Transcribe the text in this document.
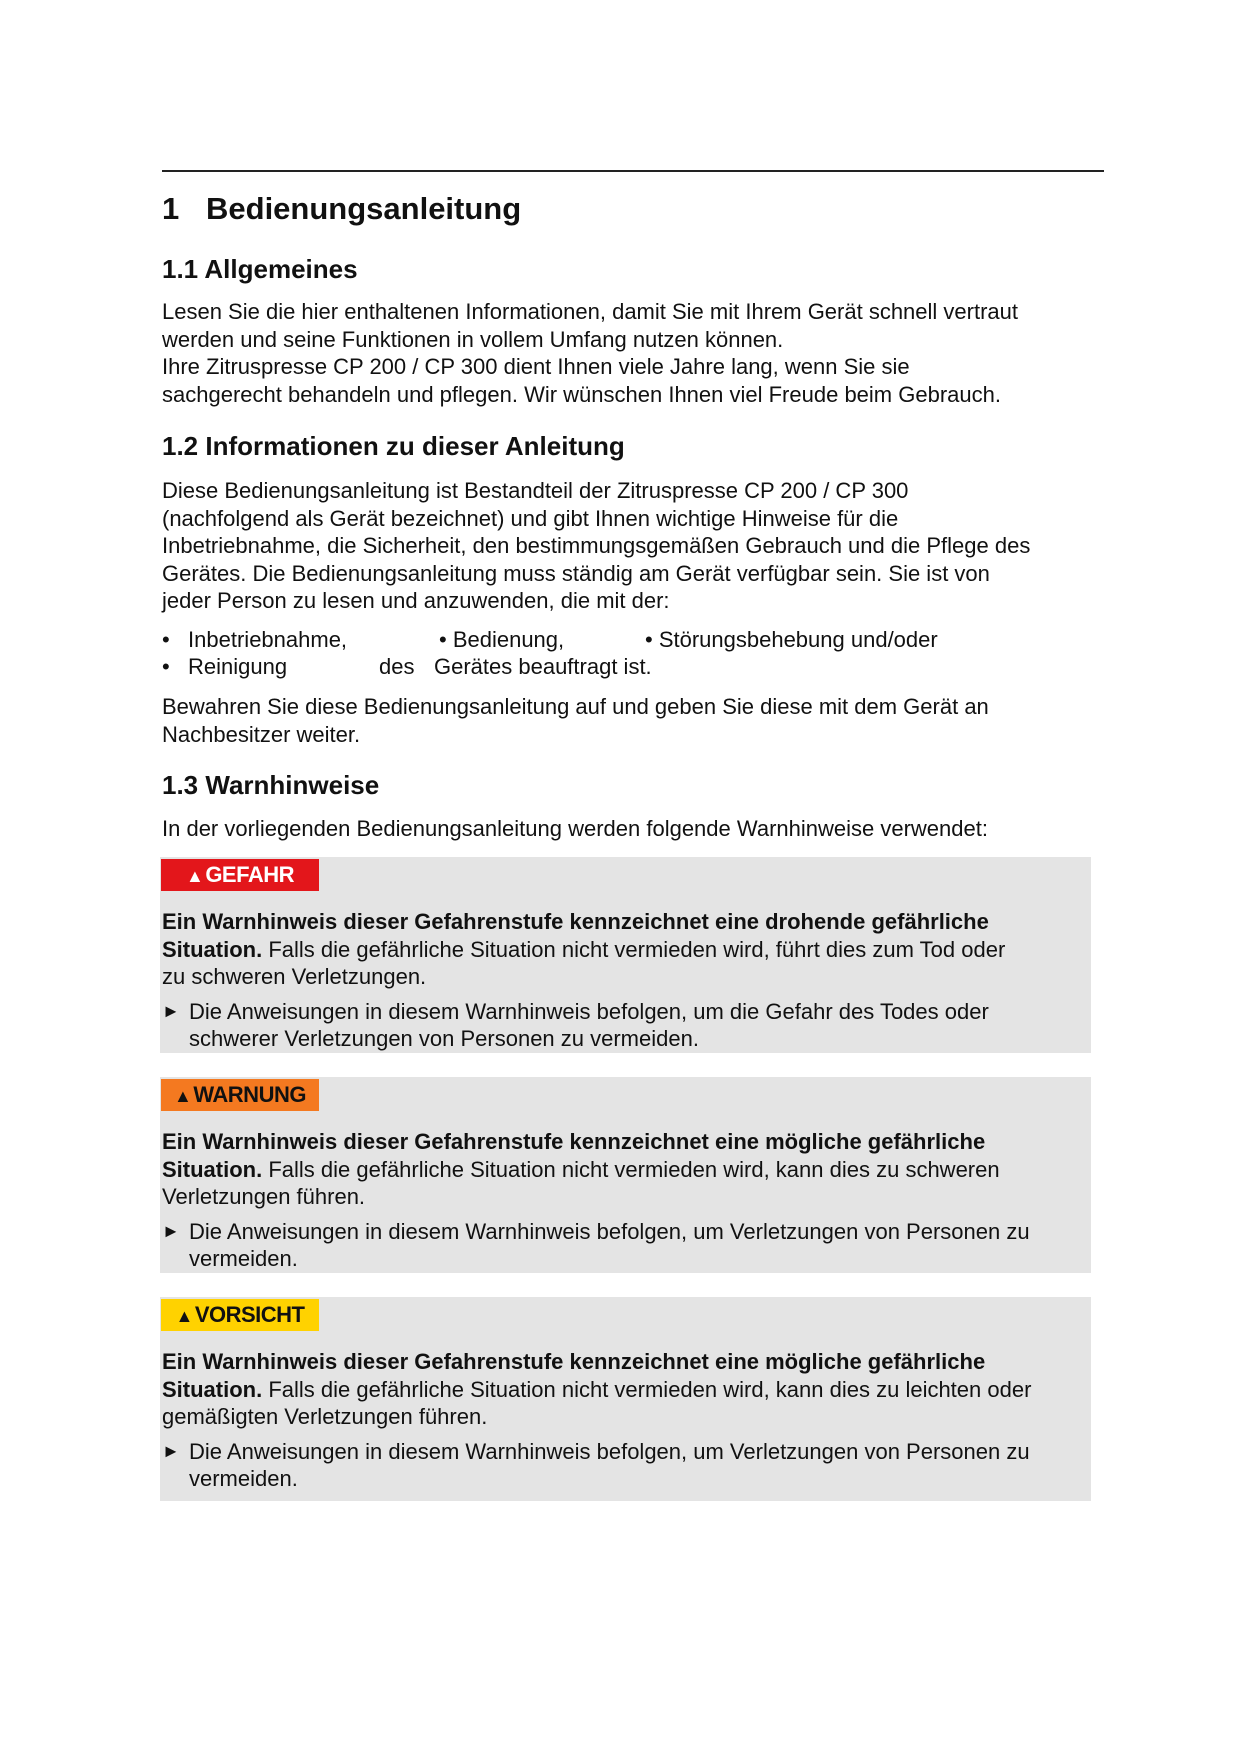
1 Bedienungsanleitung
1.1 Allgemeines

Lesen Sie die hier enthaltenen Informationen, damit Sie mit Ihrem Gerät schnell vertraut

werden und seine Funktionen in vollem Umfang nutzen können.

Ihre Zitruspresse CP 200 / CP 300 dient Ihnen viele Jahre lang, wenn Sie sie

sachgerecht behandeln und pflegen. Wir wünschen Ihnen viel Freude beim Gebrauch.

1.2 Informationen zu dieser Anleitung

Diese Bedienungsanleitung ist Bestandteil der Zitruspresse CP 200 / CP 300

(nachfolgend als Gerät bezeichnet) und gibt Ihnen wichtige Hinweise für die

Inbetriebnahme, die Sicherheit, den bestimmungsgemäßen Gebrauch und die Pflege des

Gerätes. Die Bedienungsanleitung muss ständig am Gerät verfügbar sein. Sie ist von

jeder Person zu lesen und anzuwenden, die mit der:

•   Inbetriebnahme,	• Bedienung,	• Störungsbehebung und/oder
•   Reinigung	des Gerätes beauftragt ist.

Bewahren Sie diese Bedienungsanleitung auf und geben Sie diese mit dem Gerät an

Nachbesitzer weiter.

1.3 Warnhinweise

In der vorliegenden Bedienungsanleitung werden folgende Warnhinweise verwendet:

▲GEFAHR

Ein Warnhinweis dieser Gefahrenstufe kennzeichnet eine drohende gefährliche

Situation. Falls die gefährliche Situation nicht vermieden wird, führt dies zum Tod oder

zu schweren Verletzungen.

► Die Anweisungen in diesem Warnhinweis befolgen, um die Gefahr des Todes oder
schwerer Verletzungen von Personen zu vermeiden.

▲WARNUNG

Ein Warnhinweis dieser Gefahrenstufe kennzeichnet eine mögliche gefährliche

Situation. Falls die gefährliche Situation nicht vermieden wird, kann dies zu schweren

Verletzungen führen.

► Die Anweisungen in diesem Warnhinweis befolgen, um Verletzungen von Personen zu
vermeiden.

▲VORSICHT

Ein Warnhinweis dieser Gefahrenstufe kennzeichnet eine mögliche gefährliche

Situation. Falls die gefährliche Situation nicht vermieden wird, kann dies zu leichten oder

gemäßigten Verletzungen führen.

► Die Anweisungen in diesem Warnhinweis befolgen, um Verletzungen von Personen zu
vermeiden.
